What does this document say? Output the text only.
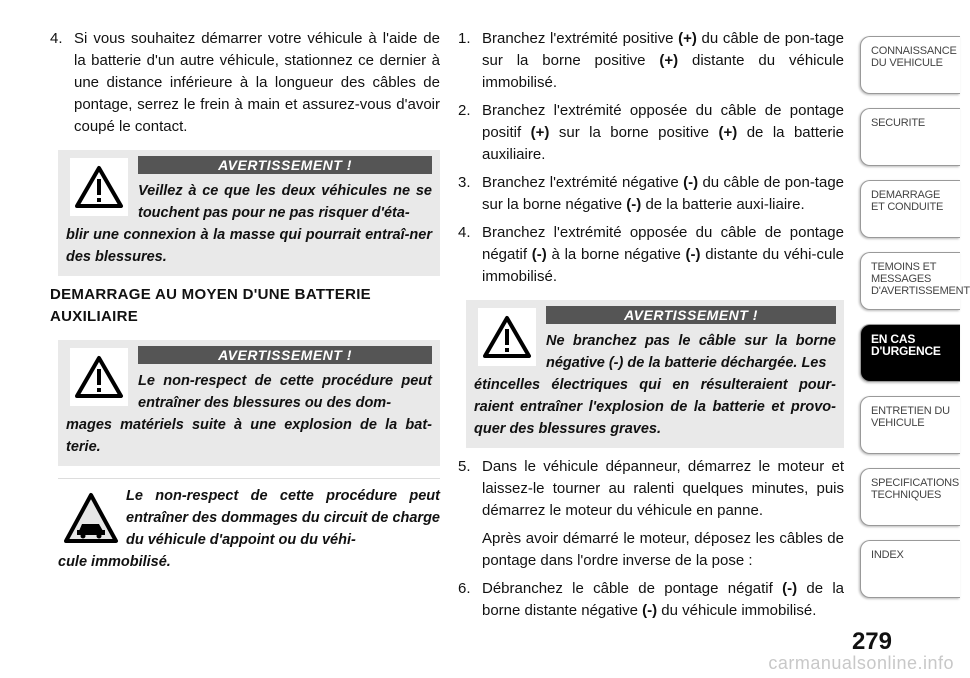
4. Si vous souhaitez démarrer votre véhicule à l'aide de la batterie d'un autre véhicule, stationnez ce dernier à une distance inférieure à la longueur des câbles de pontage, serrez le frein à main et assurez-vous d'avoir coupé le contact.
AVERTISSEMENT !
Veillez à ce que les deux véhicules ne se touchent pas pour ne pas risquer d'éta-
blir une connexion à la masse qui pourrait entraî-ner des blessures.
DEMARRAGE AU MOYEN D'UNE BATTERIE AUXILIAIRE
AVERTISSEMENT !
Le non-respect de cette procédure peut entraîner des blessures ou des dom-
mages matériels suite à une explosion de la bat-terie.
Le non-respect de cette procédure peut entraîner des dommages du circuit de charge du véhicule d'appoint ou du véhi-
cule immobilisé.
1. Branchez l'extrémité positive (+) du câble de pon-tage sur la borne positive (+) distante du véhicule immobilisé.
2. Branchez l'extrémité opposée du câble de pontage positif (+) sur la borne positive (+) de la batterie auxiliaire.
3. Branchez l'extrémité négative (-) du câble de pon-tage sur la borne négative (-) de la batterie auxi-liaire.
4. Branchez l'extrémité opposée du câble de pontage négatif (-) à la borne négative (-) distante du véhi-cule immobilisé.
AVERTISSEMENT !
Ne branchez pas le câble sur la borne négative (-) de la batterie déchargée. Les
étincelles électriques qui en résulteraient pour-raient entraîner l'explosion de la batterie et provo-quer des blessures graves.
5. Dans le véhicule dépanneur, démarrez le moteur et laissez-le tourner au ralenti quelques minutes, puis démarrez le moteur du véhicule en panne.
Après avoir démarré le moteur, déposez les câbles de pontage dans l'ordre inverse de la pose :
6. Débranchez le câble de pontage négatif (-) de la borne distante négative (-) du véhicule immobilisé.
CONNAISSANCE DU VEHICULE
SECURITE
DEMARRAGE ET CONDUITE
TEMOINS ET MESSAGES D'AVERTISSEMENT
EN CAS D'URGENCE
ENTRETIEN DU VEHICULE
SPECIFICATIONS TECHNIQUES
INDEX
279
carmanualsonline.info
